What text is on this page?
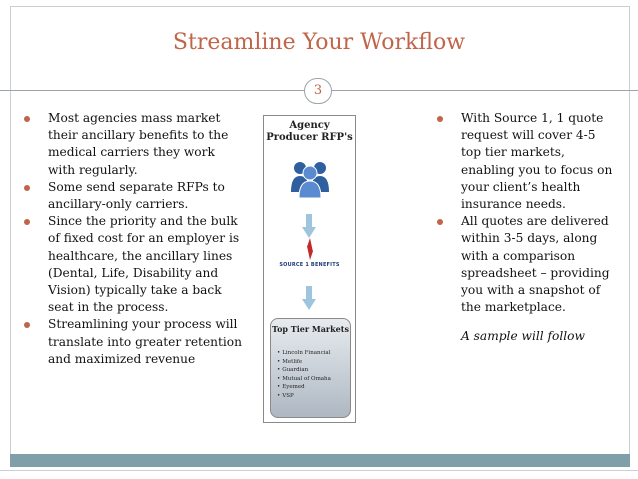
Streamline Your Workflow
3
Most agencies mass market their ancillary benefits to the medical carriers they work with regularly.
Some send separate RFPs to ancillary-only carriers.
Since the priority and the bulk of fixed cost for an employer is healthcare, the ancillary lines (Dental, Life, Disability and Vision) typically take a back seat in the process.
Streamlining your process will translate into greater retention and maximized revenue
Agency Producer RFP's
SOURCE 1 BENEFITS
Top Tier Markets
• Lincoln Financial
• Metlife
• Guardian
• Mutual of Omaha
• Eyemed
• VSP
With Source 1, 1 quote request will cover 4-5 top tier markets, enabling you to focus on your client’s health insurance needs.
All quotes are delivered within 3-5 days, along with a comparison spreadsheet – providing you with a snapshot of the marketplace.
A sample will follow
